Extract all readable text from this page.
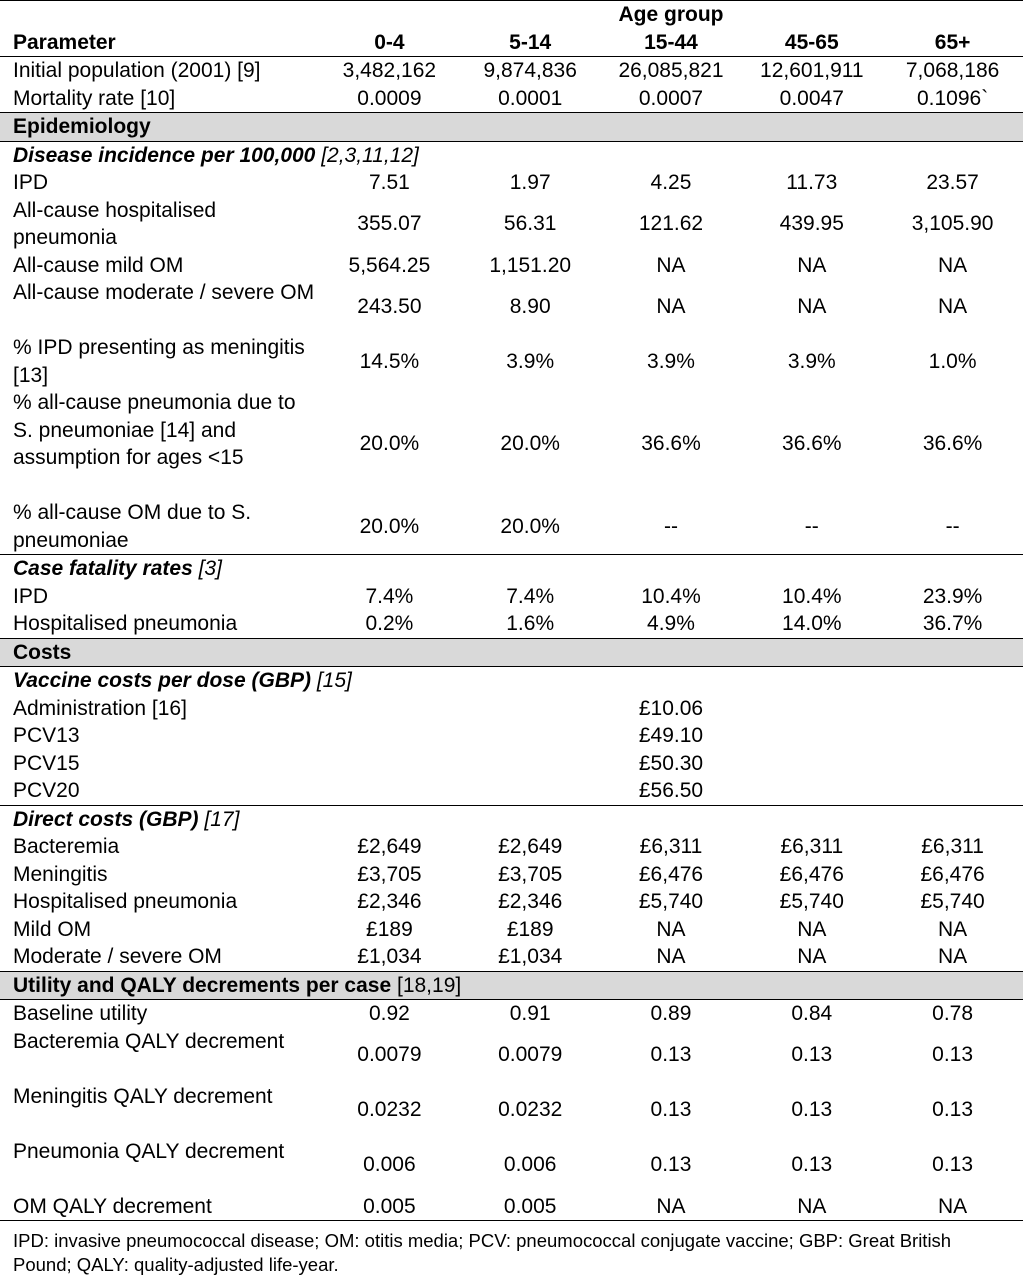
			Age group		
Parameter	0-4	5-14	15-44	45-65	65+
Initial population (2001) [9]	3,482,162	9,874,836	26,085,821	12,601,911	7,068,186
Mortality rate [10]	0.0009	0.0001	0.0007	0.0047	0.1096`
Epidemiology					
Disease incidence per 100,000 [2,3,11,12]					
IPD	7.51	1.97	4.25	11.73	23.57
All-cause hospitalised pneumonia	355.07	56.31	121.62	439.95	3,105.90
All-cause mild OM	5,564.25	1,151.20	NA	NA	NA
All-cause moderate / severe OM	243.50	8.90	NA	NA	NA
% IPD presenting as meningitis [13]	14.5%	3.9%	3.9%	3.9%	1.0%
% all-cause pneumonia due to S. pneumoniae [14] and assumption for ages <15	20.0%	20.0%	36.6%	36.6%	36.6%
% all-cause OM due to S. pneumoniae	20.0%	20.0%	--	--	--
Case fatality rates [3]					
IPD	7.4%	7.4%	10.4%	10.4%	23.9%
Hospitalised pneumonia	0.2%	1.6%	4.9%	14.0%	36.7%
Costs					
Vaccine costs per dose (GBP) [15]					
Administration [16]			£10.06		
PCV13			£49.10		
PCV15			£50.30		
PCV20			£56.50		
Direct costs (GBP) [17]					
Bacteremia	£2,649	£2,649	£6,311	£6,311	£6,311
Meningitis	£3,705	£3,705	£6,476	£6,476	£6,476
Hospitalised pneumonia	£2,346	£2,346	£5,740	£5,740	£5,740
Mild OM	£189	£189	NA	NA	NA
Moderate / severe OM	£1,034	£1,034	NA	NA	NA
Utility and QALY decrements per case [18,19]					
Baseline utility	0.92	0.91	0.89	0.84	0.78
Bacteremia QALY decrement	0.0079	0.0079	0.13	0.13	0.13
Meningitis QALY decrement	0.0232	0.0232	0.13	0.13	0.13
Pneumonia QALY decrement	0.006	0.006	0.13	0.13	0.13
OM QALY decrement	0.005	0.005	NA	NA	NA
IPD: invasive pneumococcal disease; OM: otitis media; PCV: pneumococcal conjugate vaccine; GBP: Great British Pound; QALY: quality-adjusted life-year.
